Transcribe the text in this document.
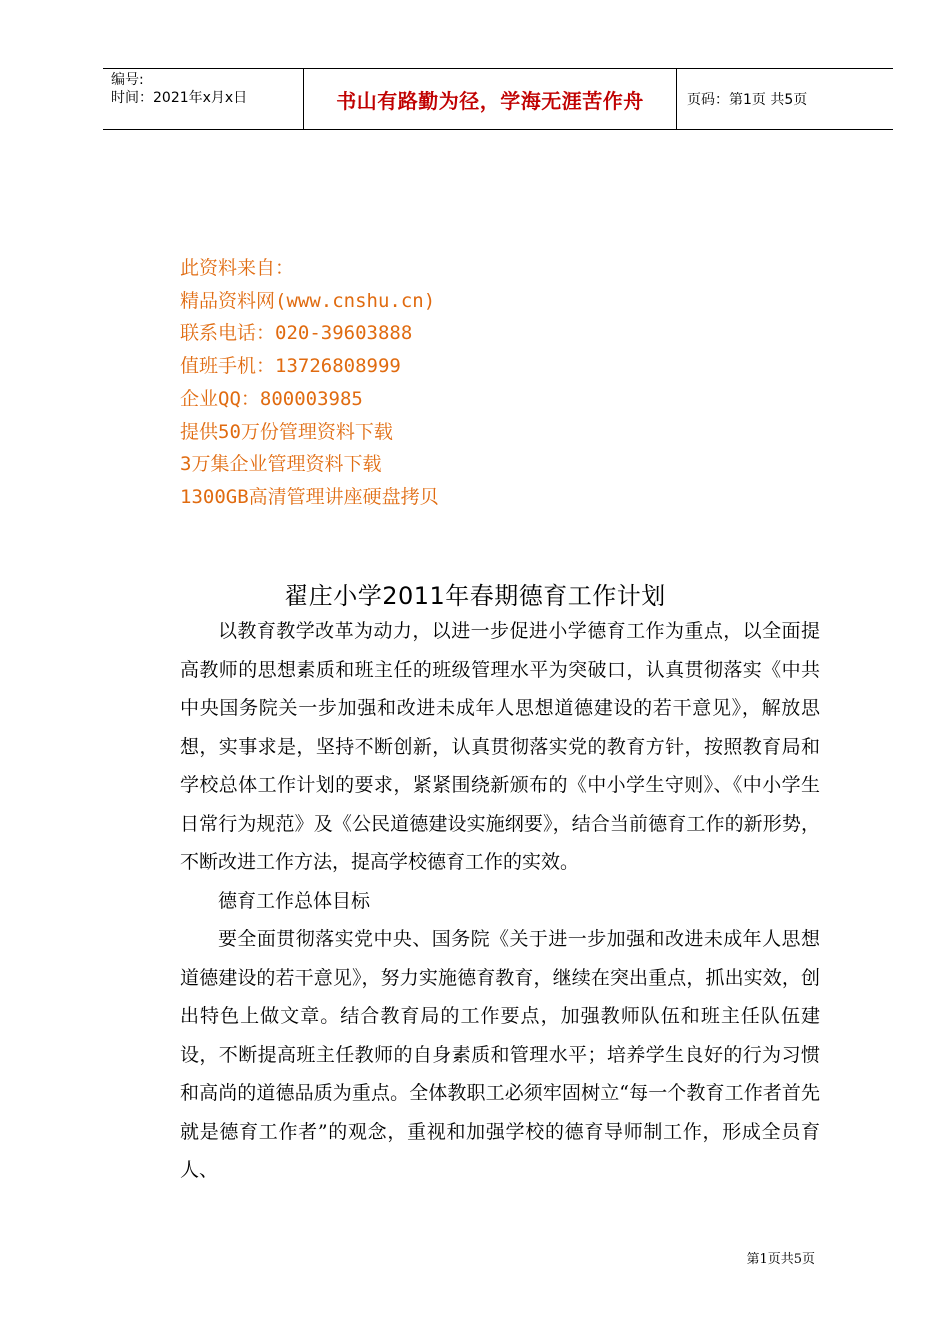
编号:
时间：2021年x月x日	书山有路勤为径，学海无涯苦作舟	页码：第1页 共5页
此资料来自：
精品资料网(www.cnshu.cn)
联系电话：020-39603888
值班手机：13726808999
企业QQ：800003985
提供50万份管理资料下载
3万集企业管理资料下载
1300GB高清管理讲座硬盘拷贝
翟庄小学2011年春期德育工作计划

以教育教学改革为动力，以进一步促进小学德育工作为重点，以全面提高教师的思想素质和班主任的班级管理水平为突破口，认真贯彻落实《中共中央国务院关一步加强和改进未成年人思想道德建设的若干意见》，解放思想，实事求是，坚持不断创新，认真贯彻落实党的教育方针，按照教育局和学校总体工作计划的要求，紧紧围绕新颁布的《中小学生守则》、《中小学生日常行为规范》及《公民道德建设实施纲要》，结合当前德育工作的新形势，不断改进工作方法，提高学校德育工作的实效。

德育工作总体目标

要全面贯彻落实党中央、国务院《关于进一步加强和改进未成年人思想道德建设的若干意见》，努力实施德育教育，继续在突出重点，抓出实效，创出特色上做文章。结合教育局的工作要点，加强教师队伍和班主任队伍建设，不断提高班主任教师的自身素质和管理水平；培养学生良好的行为习惯和高尚的道德品质为重点。全体教职工必须牢固树立“每一个教育工作者首先就是德育工作者”的观念，重视和加强学校的德育导师制工作，形成全员育人、

第1页共5页
